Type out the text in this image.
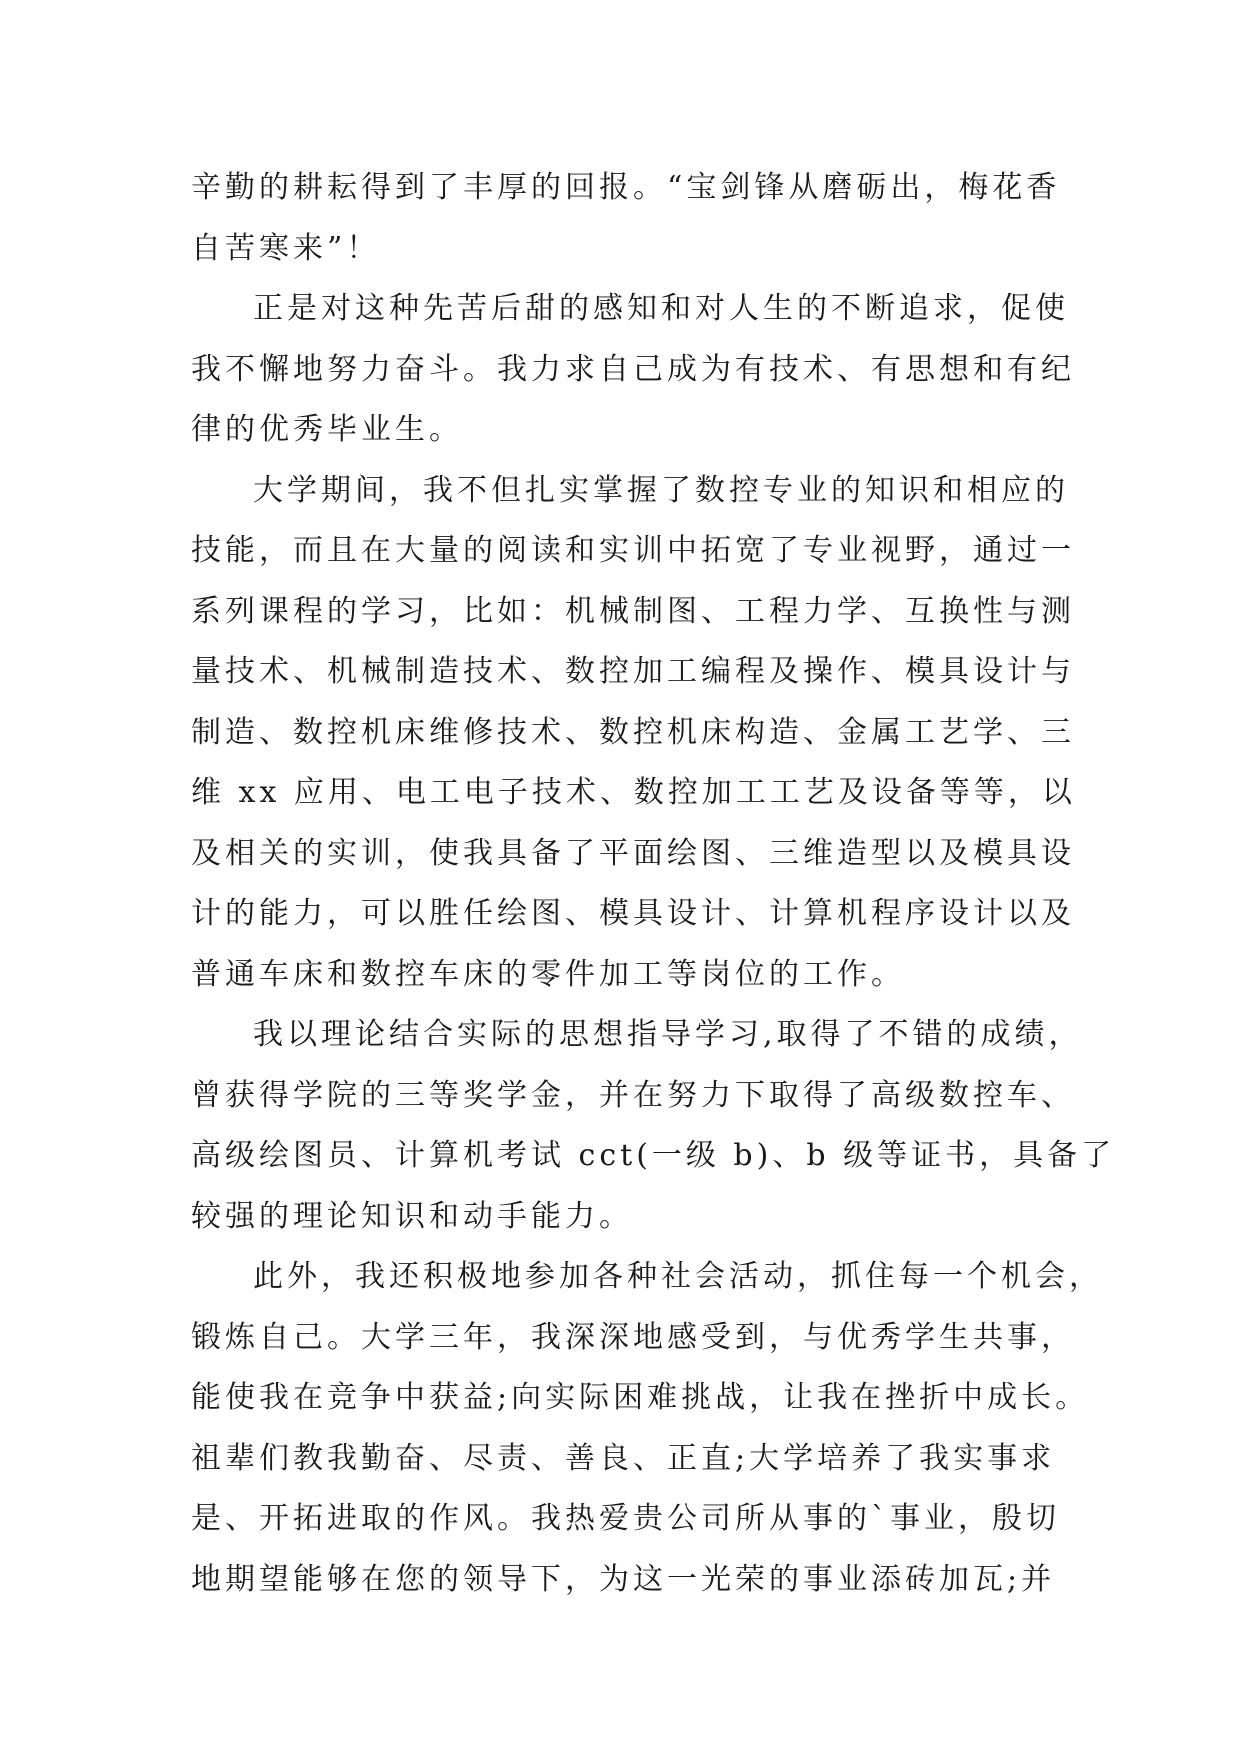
辛勤的耕耘得到了丰厚的回报。“宝剑锋从磨砺出，梅花香
自苦寒来”！
正是对这种先苦后甜的感知和对人生的不断追求，促使
我不懈地努力奋斗。我力求自己成为有技术、有思想和有纪
律的优秀毕业生。
大学期间，我不但扎实掌握了数控专业的知识和相应的
技能，而且在大量的阅读和实训中拓宽了专业视野，通过一
系列课程的学习，比如：机械制图、工程力学、互换性与测
量技术、机械制造技术、数控加工编程及操作、模具设计与
制造、数控机床维修技术、数控机床构造、金属工艺学、三
维 xx 应用、电工电子技术、数控加工工艺及设备等等，以
及相关的实训，使我具备了平面绘图、三维造型以及模具设
计的能力，可以胜任绘图、模具设计、计算机程序设计以及
普通车床和数控车床的零件加工等岗位的工作。
我以理论结合实际的思想指导学习,取得了不错的成绩，
曾获得学院的三等奖学金，并在努力下取得了高级数控车、
高级绘图员、计算机考试 cct(一级 b)、b 级等证书，具备了
较强的理论知识和动手能力。
此外，我还积极地参加各种社会活动，抓住每一个机会，
锻炼自己。大学三年，我深深地感受到，与优秀学生共事，
能使我在竞争中获益;向实际困难挑战，让我在挫折中成长。
祖辈们教我勤奋、尽责、善良、正直;大学培养了我实事求
是、开拓进取的作风。我热爱贵公司所从事的`事业，殷切
地期望能够在您的领导下，为这一光荣的事业添砖加瓦;并
